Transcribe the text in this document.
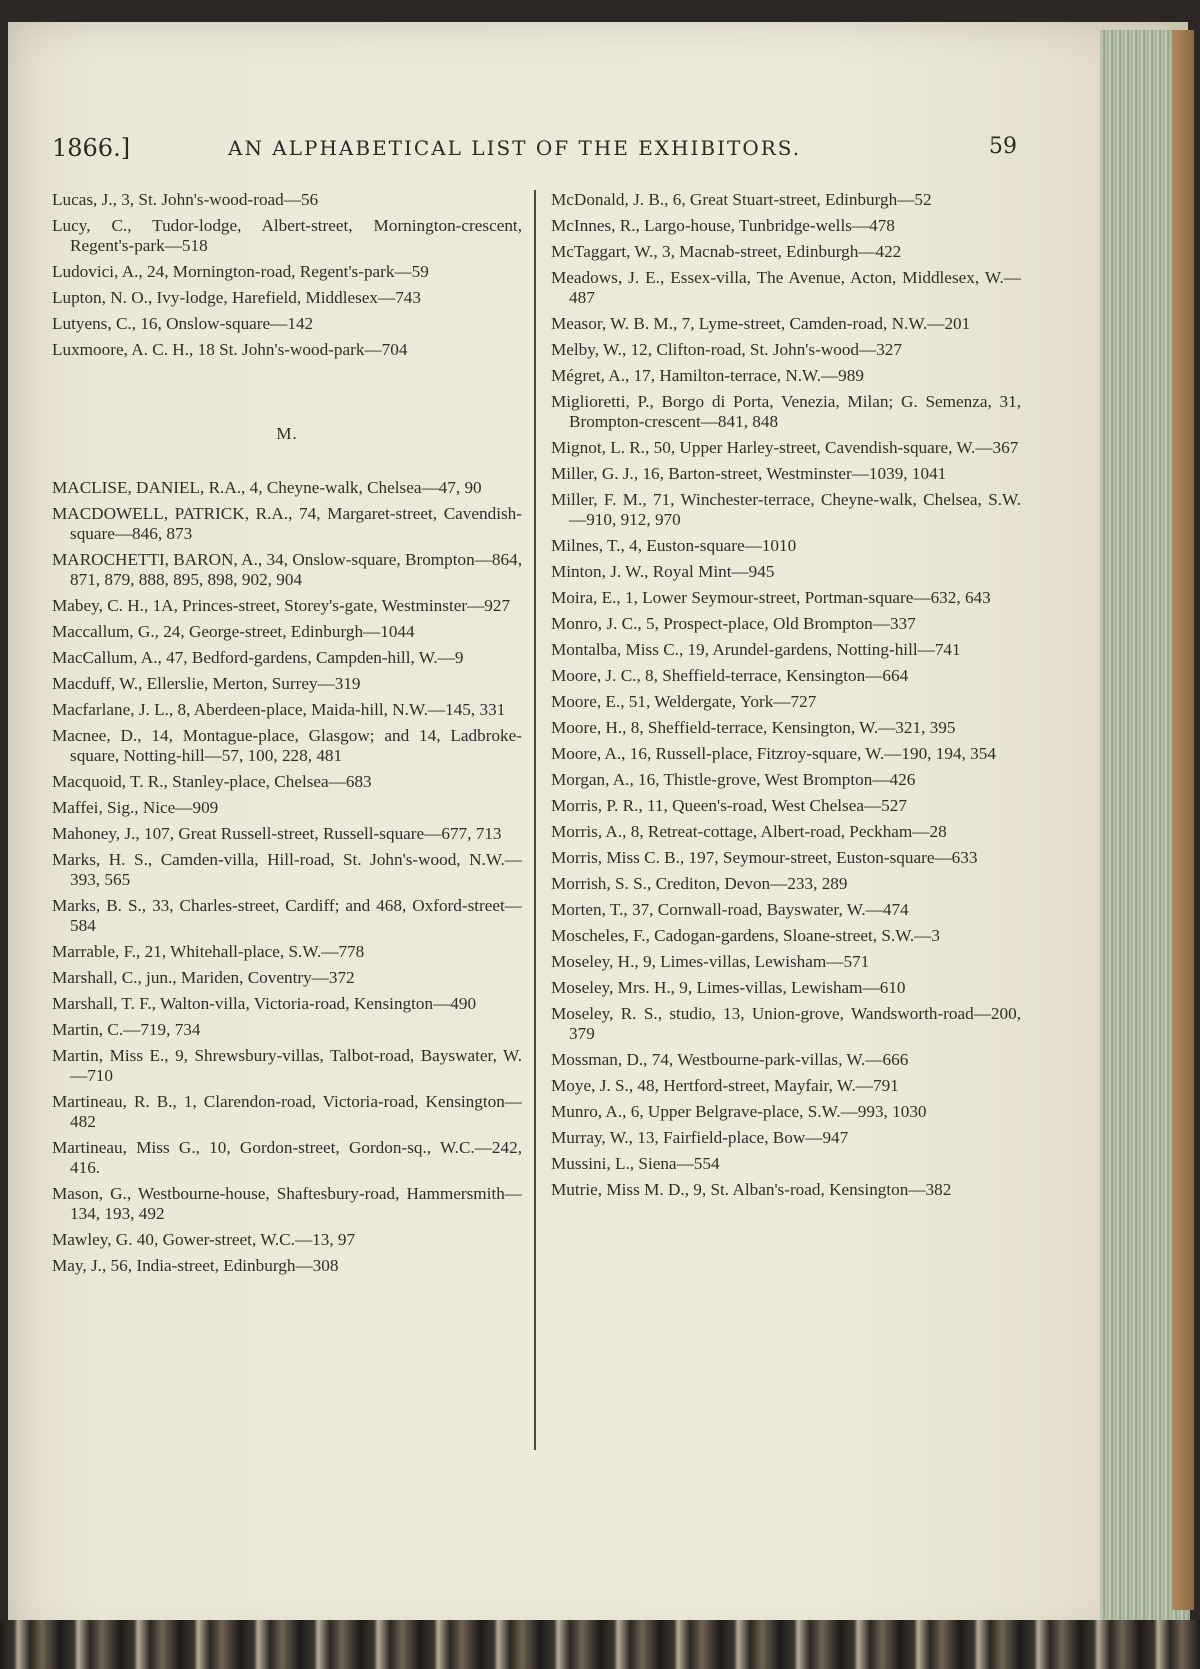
1866.]	AN ALPHABETICAL LIST OF THE EXHIBITORS.	59

Lucas, J., 3, St. John's-wood-road—56

Lucy, C., Tudor-lodge, Albert-street, Mornington-crescent, Regent's-park—518

Ludovici, A., 24, Mornington-road, Regent's-park—59

Lupton, N. O., Ivy-lodge, Harefield, Middlesex—743

Lutyens, C., 16, Onslow-square—142

Luxmoore, A. C. H., 18 St. John's-wood-park—704

M.

MACLISE, DANIEL, R.A., 4, Cheyne-walk, Chelsea—47, 90

MACDOWELL, PATRICK, R.A., 74, Margaret-street, Cavendish-square—846, 873

MAROCHETTI, BARON, A., 34, Onslow-square, Brompton—864, 871, 879, 888, 895, 898, 902, 904

Mabey, C. H., 1A, Princes-street, Storey's-gate, Westminster—927

Maccallum, G., 24, George-street, Edinburgh—1044

MacCallum, A., 47, Bedford-gardens, Campden-hill, W.—9

Macduff, W., Ellerslie, Merton, Surrey—319

Macfarlane, J. L., 8, Aberdeen-place, Maida-hill, N.W.—145, 331

Macnee, D., 14, Montague-place, Glasgow; and 14, Ladbroke-square, Notting-hill—57, 100, 228, 481

Macquoid, T. R., Stanley-place, Chelsea—683

Maffei, Sig., Nice—909

Mahoney, J., 107, Great Russell-street, Russell-square—677, 713

Marks, H. S., Camden-villa, Hill-road, St. John's-wood, N.W.—393, 565

Marks, B. S., 33, Charles-street, Cardiff; and 468, Oxford-street—584

Marrable, F., 21, Whitehall-place, S.W.—778

Marshall, C., jun., Mariden, Coventry—372

Marshall, T. F., Walton-villa, Victoria-road, Kensington—490

Martin, C.—719, 734

Martin, Miss E., 9, Shrewsbury-villas, Talbot-road, Bayswater, W.—710

Martineau, R. B., 1, Clarendon-road, Victoria-road, Kensington—482

Martineau, Miss G., 10, Gordon-street, Gordon-sq., W.C.—242, 416.

Mason, G., Westbourne-house, Shaftesbury-road, Hammersmith—134, 193, 492

Mawley, G. 40, Gower-street, W.C.—13, 97

May, J., 56, India-street, Edinburgh—308

McDonald, J. B., 6, Great Stuart-street, Edinburgh—52

McInnes, R., Largo-house, Tunbridge-wells—478

McTaggart, W., 3, Macnab-street, Edinburgh—422

Meadows, J. E., Essex-villa, The Avenue, Acton, Middlesex, W.—487

Measor, W. B. M., 7, Lyme-street, Camden-road, N.W.—201

Melby, W., 12, Clifton-road, St. John's-wood—327

Mégret, A., 17, Hamilton-terrace, N.W.—989

Miglioretti, P., Borgo di Porta, Venezia, Milan; G. Semenza, 31, Brompton-crescent—841, 848

Mignot, L. R., 50, Upper Harley-street, Cavendish-square, W.—367

Miller, G. J., 16, Barton-street, Westminster—1039, 1041

Miller, F. M., 71, Winchester-terrace, Cheyne-walk, Chelsea, S.W.—910, 912, 970

Milnes, T., 4, Euston-square—1010

Minton, J. W., Royal Mint—945

Moira, E., 1, Lower Seymour-street, Portman-square—632, 643

Monro, J. C., 5, Prospect-place, Old Brompton—337

Montalba, Miss C., 19, Arundel-gardens, Notting-hill—741

Moore, J. C., 8, Sheffield-terrace, Kensington—664

Moore, E., 51, Weldergate, York—727

Moore, H., 8, Sheffield-terrace, Kensington, W.—321, 395

Moore, A., 16, Russell-place, Fitzroy-square, W.—190, 194, 354

Morgan, A., 16, Thistle-grove, West Brompton—426

Morris, P. R., 11, Queen's-road, West Chelsea—527

Morris, A., 8, Retreat-cottage, Albert-road, Peckham—28

Morris, Miss C. B., 197, Seymour-street, Euston-square—633

Morrish, S. S., Crediton, Devon—233, 289

Morten, T., 37, Cornwall-road, Bayswater, W.—474

Moscheles, F., Cadogan-gardens, Sloane-street, S.W.—3

Moseley, H., 9, Limes-villas, Lewisham—571

Moseley, Mrs. H., 9, Limes-villas, Lewisham—610

Moseley, R. S., studio, 13, Union-grove, Wandsworth-road—200, 379

Mossman, D., 74, Westbourne-park-villas, W.—666

Moye, J. S., 48, Hertford-street, Mayfair, W.—791

Munro, A., 6, Upper Belgrave-place, S.W.—993, 1030

Murray, W., 13, Fairfield-place, Bow—947

Mussini, L., Siena—554

Mutrie, Miss M. D., 9, St. Alban's-road, Kensington—382
